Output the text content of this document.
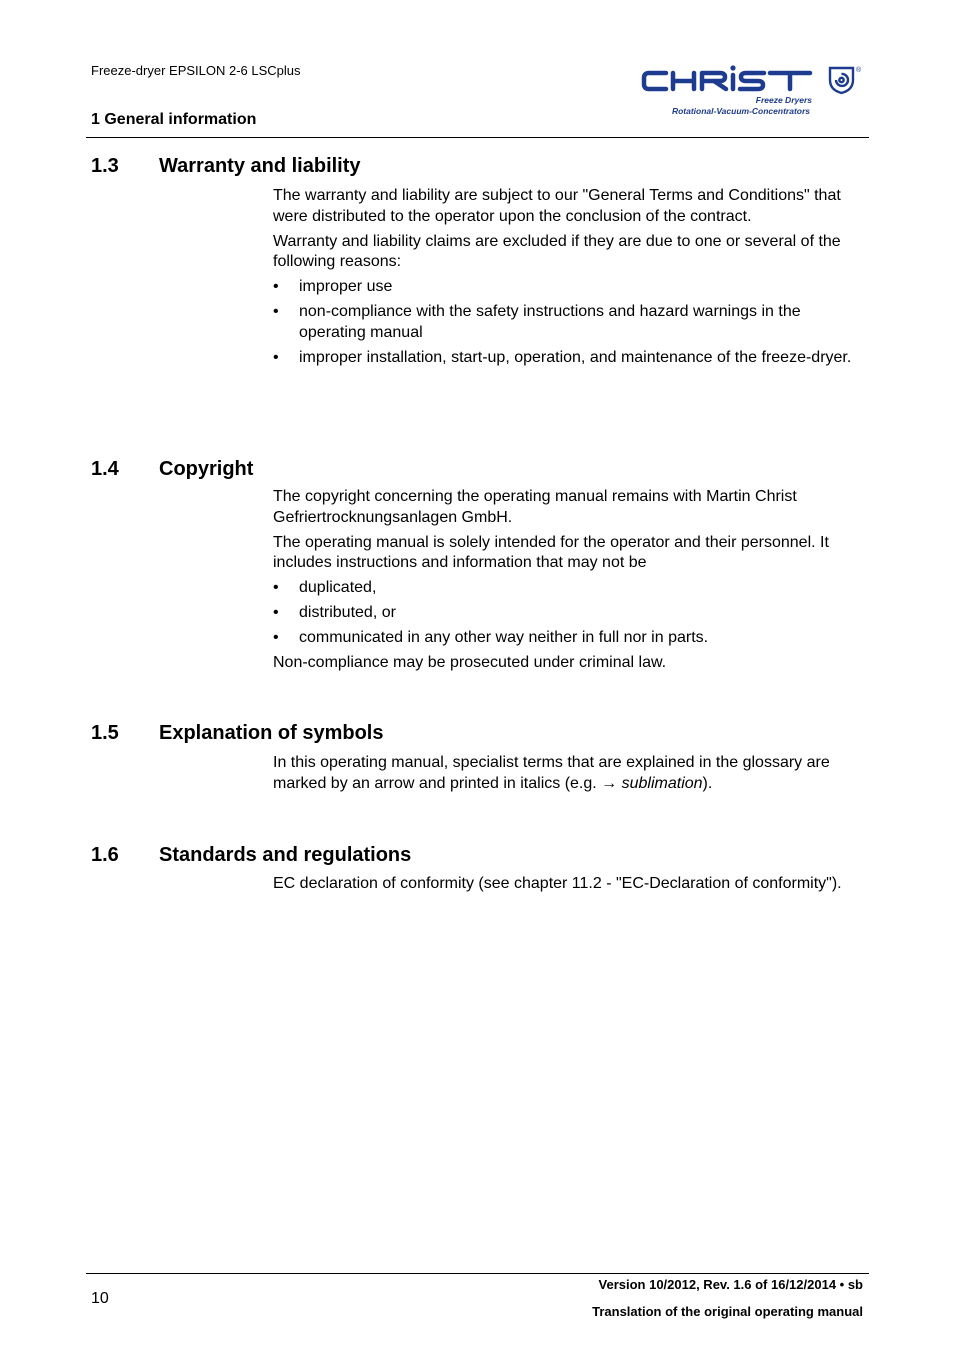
Freeze-dryer EPSILON 2-6 LSCplus
1 General information
®
Freeze Dryers
Rotational-Vacuum-Concentrators
1.3 Warranty and liability

The warranty and liability are subject to our "General Terms and Conditions" that were distributed to the operator upon the conclusion of the contract.

Warranty and liability claims are excluded if they are due to one or several of the following reasons:

• improper use
• non-compliance with the safety instructions and hazard warnings in the operating manual
• improper installation, start-up, operation, and maintenance of the freeze-dryer.
1.4 Copyright

The copyright concerning the operating manual remains with Martin Christ Gefriertrocknungsanlagen GmbH.

The operating manual is solely intended for the operator and their personnel. It includes instructions and information that may not be

• duplicated,
• distributed, or
• communicated in any other way neither in full nor in parts.

Non-compliance may be prosecuted under criminal law.

1.5 Explanation of symbols

In this operating manual, specialist terms that are explained in the glossary are marked by an arrow and printed in italics (e.g. → sublimation).

1.6 Standards and regulations

EC declaration of conformity (see chapter 11.2 - "EC-Declaration of conformity").

10
Version 10/2012, Rev. 1.6 of 16/12/2014 • sb
Translation of the original operating manual
